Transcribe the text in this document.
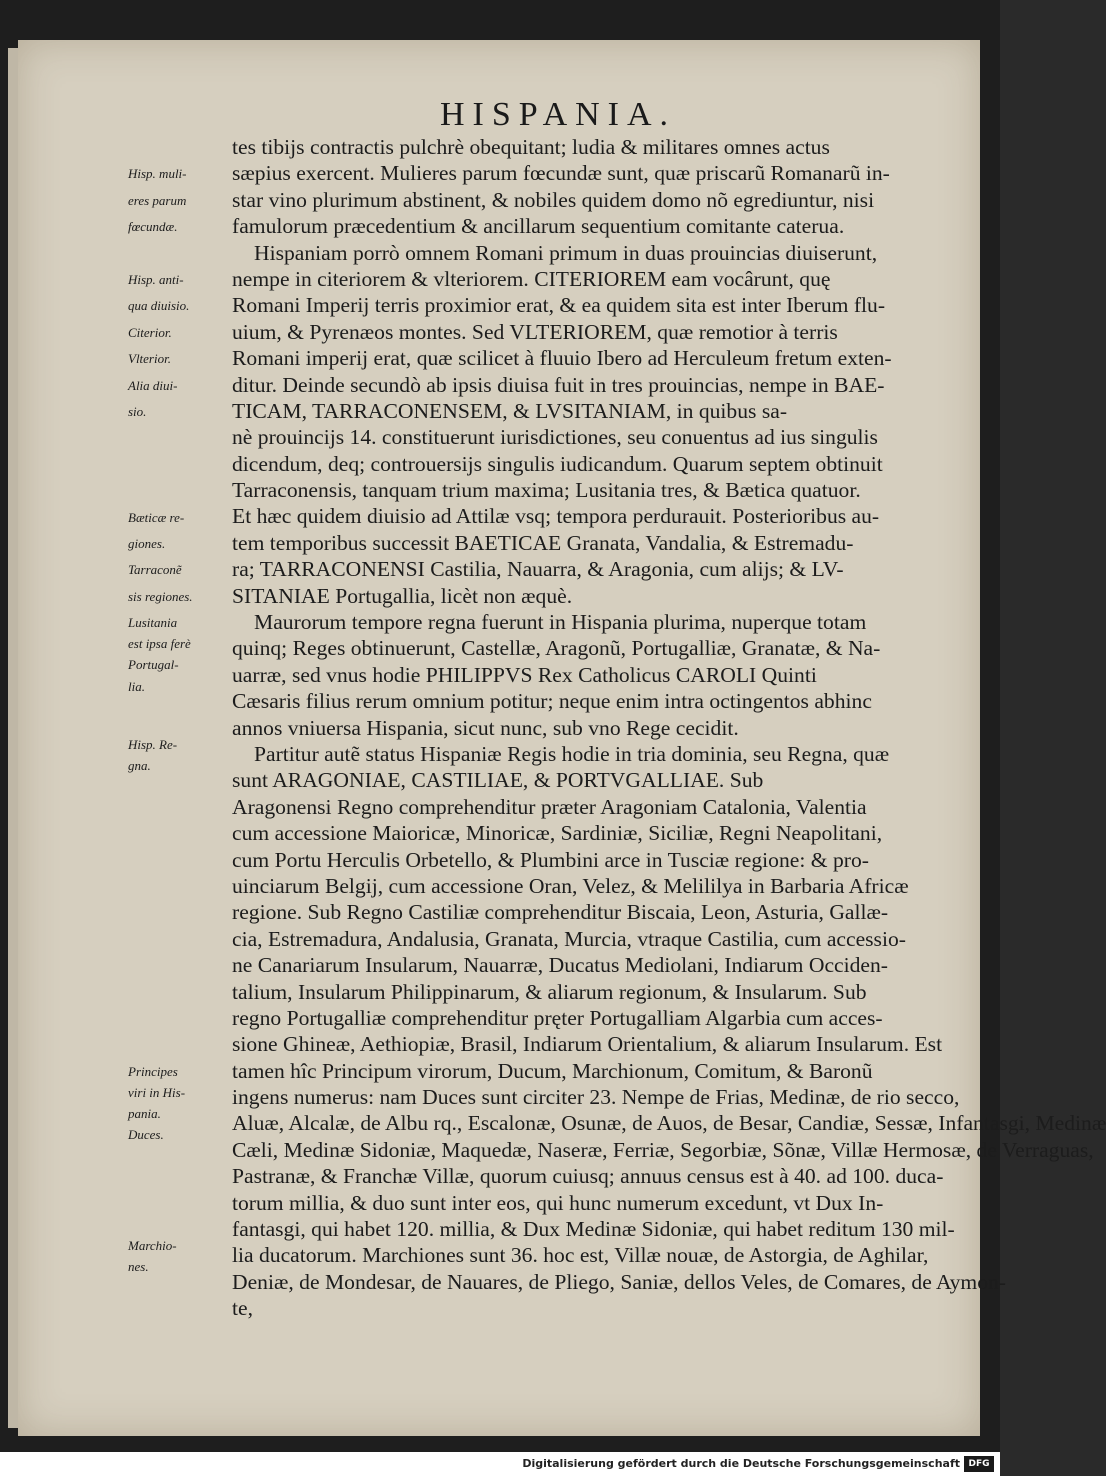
HISPANIA.
tes tibijs contractis pulchrè obequitant; ludia & militares omnes actus
sæpius exercent. Mulieres parum fœcundæ sunt, quæ priscarũ Romanarũ in-
star vino plurimum abstinent, & nobiles quidem domo nõ egrediuntur, nisi
famulorum præcedentium & ancillarum sequentium comitante caterua.
Hispaniam porrò omnem Romani primum in duas prouincias diuiserunt,
nempe in citeriorem & vlteriorem. CITERIOREM eam vocârunt, quę
Romani Imperij terris proximior erat, & ea quidem sita est inter Iberum flu-
uium, & Pyrenæos montes. Sed VLTERIOREM, quæ remotior à terris
Romani imperij erat, quæ scilicet à fluuio Ibero ad Herculeum fretum exten-
ditur. Deinde secundò ab ipsis diuisa fuit in tres prouincias, nempe in BAE-
TICAM, TARRACONENSEM, & LVSITANIAM, in quibus sa-
nè prouincijs 14. constituerunt iurisdictiones, seu conuentus ad ius singulis
dicendum, deq; controuersijs singulis iudicandum. Quarum septem obtinuit
Tarraconensis, tanquam trium maxima; Lusitania tres, & Bætica quatuor.
Et hæc quidem diuisio ad Attilæ vsq; tempora perdurauit. Posterioribus au-
tem temporibus successit BAETICAE Granata, Vandalia, & Estremadu-
ra; TARRACONENSI Castilia, Nauarra, & Aragonia, cum alijs; & LV-
SITANIAE Portugallia, licèt non æquè.
Maurorum tempore regna fuerunt in Hispania plurima, nuperque totam
quinq; Reges obtinuerunt, Castellæ, Aragonũ, Portugalliæ, Granatæ, & Na-
uarræ, sed vnus hodie PHILIPPVS Rex Catholicus CAROLI Quinti
Cæsaris filius rerum omnium potitur; neque enim intra octingentos abhinc
annos vniuersa Hispania, sicut nunc, sub vno Rege cecidit.
Partitur autẽ status Hispaniæ Regis hodie in tria dominia, seu Regna, quæ
sunt ARAGONIAE, CASTILIAE, & PORTVGALLIAE. Sub
Aragonensi Regno comprehenditur præter Aragoniam Catalonia, Valentia
cum accessione Maioricæ, Minoricæ, Sardiniæ, Siciliæ, Regni Neapolitani,
cum Portu Herculis Orbetello, & Plumbini arce in Tusciæ regione: & pro-
uinciarum Belgij, cum accessione Oran, Velez, & Melililya in Barbaria Africæ
regione. Sub Regno Castiliæ comprehenditur Biscaia, Leon, Asturia, Gallæ-
cia, Estremadura, Andalusia, Granata, Murcia, vtraque Castilia, cum accessio-
ne Canariarum Insularum, Nauarræ, Ducatus Mediolani, Indiarum Occiden-
talium, Insularum Philippinarum, & aliarum regionum, & Insularum. Sub
regno Portugalliæ comprehenditur pręter Portugalliam Algarbia cum acces-
sione Ghineæ, Aethiopiæ, Brasil, Indiarum Orientalium, & aliarum Insularum. Est
tamen hîc Principum virorum, Ducum, Marchionum, Comitum, & Baronũ
ingens numerus: nam Duces sunt circiter 23. Nempe de Frias, Medinæ, de rio secco,
Aluæ, Alcalæ, de Albu rq., Escalonæ, Osunæ, de Auos, de Besar, Candiæ, Sessæ, Infantasgi, Medinæ
Cæli, Medinæ Sidoniæ, Maquedæ, Naseræ, Ferriæ, Segorbiæ, Sõnæ, Villæ Hermosæ, de Verraguas,
Pastranæ, & Franchæ Villæ, quorum cuiusq; annuus census est à 40. ad 100. duca-
torum millia, & duo sunt inter eos, qui hunc numerum excedunt, vt Dux In-
fantasgi, qui habet 120. millia, & Dux Medinæ Sidoniæ, qui habet reditum 130 mil-
lia ducatorum. Marchiones sunt 36. hoc est, Villæ nouæ, de Astorgia, de Aghilar,
Deniæ, de Mondesar, de Nauares, de Pliego, Saniæ, dellos Veles, de Comares, de Aymon-
te,
Hisp. muli-
eres parum
fœcundæ.
Hisp. anti-
qua diuisio.
Citerior.
Vlterior.
Alia diui-
sio.
Bæticæ re-
giones.
Tarraconẽ
sis regiones.
Lusitania
est ipsa ferè
Portugal-
lia.
Hisp. Re-
gna.
Principes
viri in His-
pania.
Duces.
Marchio-
nes.
Digitalisierung gefördert durch die Deutsche Forschungsgemeinschaft DFG
